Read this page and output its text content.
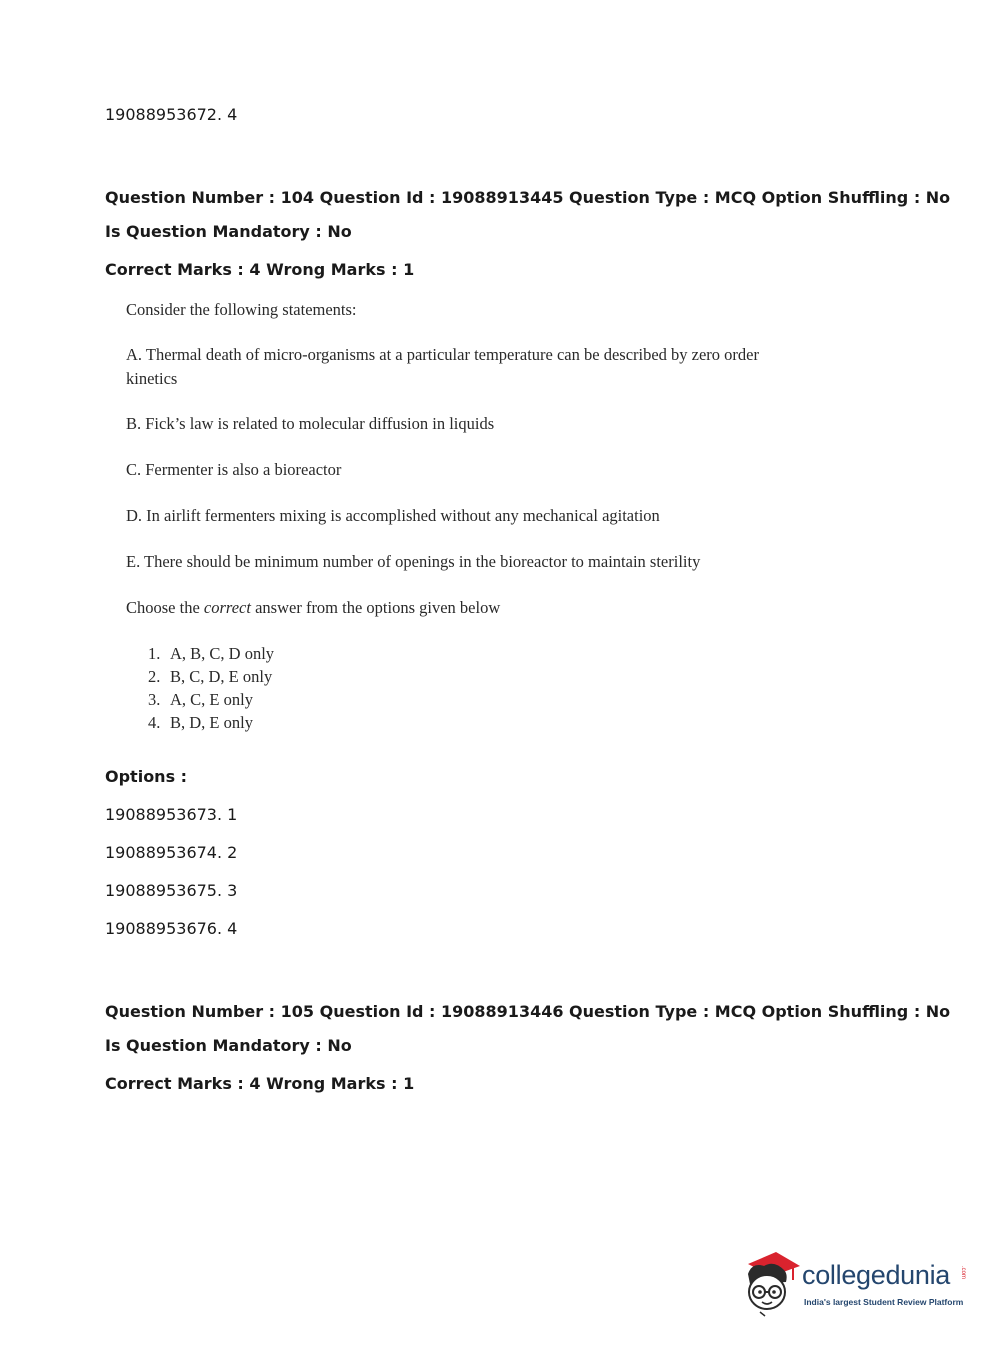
19088953672. 4
Question Number : 104 Question Id : 19088913445 Question Type : MCQ Option Shuffling : No
Is Question Mandatory : No
Correct Marks : 4 Wrong Marks : 1
Consider the following statements:
A. Thermal death of micro-organisms at a particular temperature can be described by zero order
kinetics
B. Fick’s law is related to molecular diffusion in liquids
C. Fermenter is also a bioreactor
D. In airlift fermenters mixing is accomplished without any mechanical agitation
E. There should be minimum number of openings in the bioreactor to maintain sterility
Choose the correct answer from the options given below
1. A, B, C, D only
2. B, C, D, E only
3. A, C, E only
4. B, D, E only
Options :
19088953673. 1
19088953674. 2
19088953675. 3
19088953676. 4
Question Number : 105 Question Id : 19088913446 Question Type : MCQ Option Shuffling : No
Is Question Mandatory : No
Correct Marks : 4 Wrong Marks : 1
collegedunia .com
India's largest Student Review Platform
